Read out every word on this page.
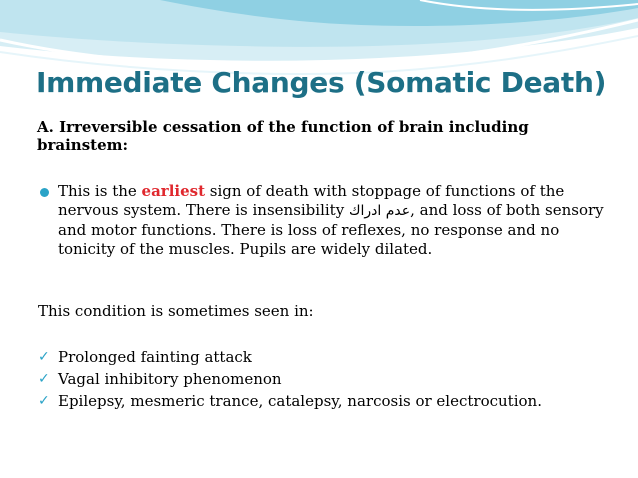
Immediate Changes (Somatic Death)
A. Irreversible cessation of the function of brain including brainstem:
This is the earliest sign of death with stoppage of functions of the nervous system. There is insensibility عدم ادراك, and loss of both sensory and motor functions. There is loss of reflexes, no response and no tonicity of the muscles. Pupils are widely dilated.
This condition is sometimes seen in:
✓ Prolonged fainting attack
✓ Vagal inhibitory phenomenon
✓ Epilepsy, mesmeric trance, catalepsy, narcosis or electrocution.
